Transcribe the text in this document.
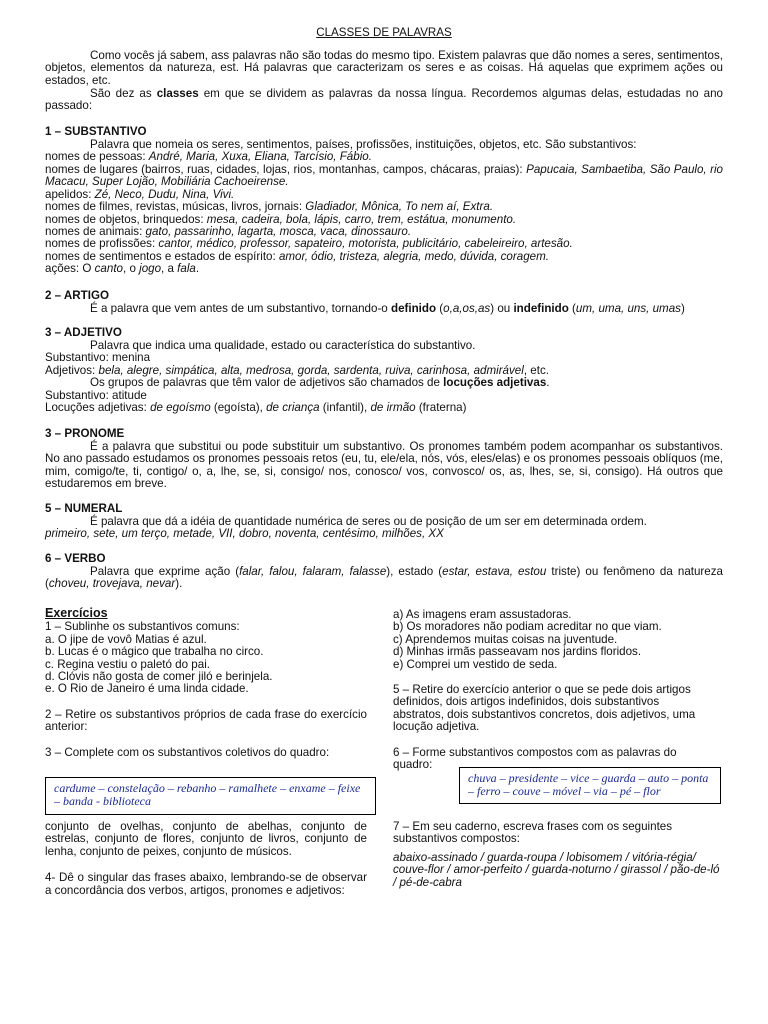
CLASSES DE PALAVRAS

Como vocês já sabem, ass palavras não são todas do mesmo tipo. Existem palavras que dão nomes a seres, sentimentos, objetos, elementos da natureza, est. Há palavras que caracterizam os seres e as coisas. Há aquelas que exprimem ações ou estados, etc.

São dez as classes em que se dividem as palavras da nossa língua. Recordemos algumas delas, estudadas no ano passado:

1 – SUBSTANTIVO

Palavra que nomeia os seres, sentimentos, países, profissões, instituições, objetos, etc. São substantivos:

nomes de pessoas: André, Maria, Xuxa, Eliana, Tarcísio, Fábio.

nomes de lugares (bairros, ruas, cidades, lojas, rios, montanhas, campos, chácaras, praias): Papucaia, Sambaetiba, São Paulo, rio Macacu, Super Lojão, Mobiliária Cachoeirense.

apelidos: Zé, Neco, Dudu, Nina, Vivi.

nomes de filmes, revistas, músicas, livros, jornais: Gladiador, Mônica, To nem aí, Extra.

nomes de objetos, brinquedos: mesa, cadeira, bola, lápis, carro, trem, estátua, monumento.

nomes de animais: gato, passarinho, lagarta, mosca, vaca, dinossauro.

nomes de profissões: cantor, médico, professor, sapateiro, motorista, publicitário, cabeleireiro, artesão.

nomes de sentimentos e estados de espírito: amor, ódio, tristeza, alegria, medo, dúvida, coragem.

ações: O canto, o jogo, a fala.

2 – ARTIGO

É a palavra que vem antes de um substantivo, tornando-o definido (o,a,os,as) ou indefinido (um, uma, uns, umas)

3 – ADJETIVO

Palavra que indica uma qualidade, estado ou característica do substantivo.

Substantivo: menina

Adjetivos: bela, alegre, simpática, alta, medrosa, gorda, sardenta, ruiva, carinhosa, admirável, etc.

Os grupos de palavras que têm valor de adjetivos são chamados de locuções adjetivas.

Substantivo: atitude

Locuções adjetivas: de egoísmo (egoísta), de criança (infantil), de irmão (fraterna)

3 – PRONOME

É a palavra que substitui ou pode substituir um substantivo. Os pronomes também podem acompanhar os substantivos. No ano passado estudamos os pronomes pessoais retos (eu, tu, ele/ela, nós, vós, eles/elas) e os pronomes pessoais oblíquos (me, mim, comigo/te, ti, contigo/ o, a, lhe, se, si, consigo/ nos, conosco/ vos, convosco/ os, as, lhes, se, si, consigo). Há outros que estudaremos em breve.

5 – NUMERAL

É palavra que dá a idéia de quantidade numérica de seres ou de posição de um ser em determinada ordem.

primeiro, sete, um terço, metade, VII, dobro, noventa, centésimo, milhões, XX

6 – VERBO

Palavra que exprime ação (falar, falou, falaram, falasse), estado (estar, estava, estou triste) ou fenômeno da natureza (choveu, trovejava, nevar).

Exercícios

1 – Sublinhe os substantivos comuns:

a. O jipe de vovô Matias é azul.

b. Lucas é o mágico que trabalha no circo.

c. Regina vestiu o paletó do pai.

d. Clóvis não gosta de comer jiló e berinjela.

e. O Rio de Janeiro é uma linda cidade.

2 – Retire os substantivos próprios de cada frase do exercício anterior:

3 – Complete com os substantivos coletivos do quadro:

cardume – constelação – rebanho – ramalhete – enxame – feixe – banda - biblioteca

conjunto de ovelhas, conjunto de abelhas, conjunto de estrelas, conjunto de flores, conjunto de livros, conjunto de lenha, conjunto de peixes, conjunto de músicos.

4- Dê o singular das frases abaixo, lembrando-se de observar a concordância dos verbos, artigos, pronomes e adjetivos:

a) As imagens eram assustadoras.

b) Os moradores não podiam acreditar no que viam.

c) Aprendemos muitas coisas na juventude.

d) Minhas irmãs passeavam nos jardins floridos.

e) Comprei um vestido de seda.

5 – Retire do exercício anterior o que se pede dois artigos definidos, dois artigos indefinidos, dois substantivos abstratos, dois substantivos concretos, dois adjetivos, uma locução adjetiva.

6 – Forme substantivos compostos com as palavras do

quadro:

chuva – presidente – vice – guarda – auto – ponta – ferro – couve – móvel – via – pé – flor

7 – Em seu caderno, escreva frases com os seguintes substantivos compostos:

abaixo-assinado / guarda-roupa / lobisomem / vitória-régia/ couve-flor / amor-perfeito / guarda-noturno / girassol / pão-de-ló / pé-de-cabra
